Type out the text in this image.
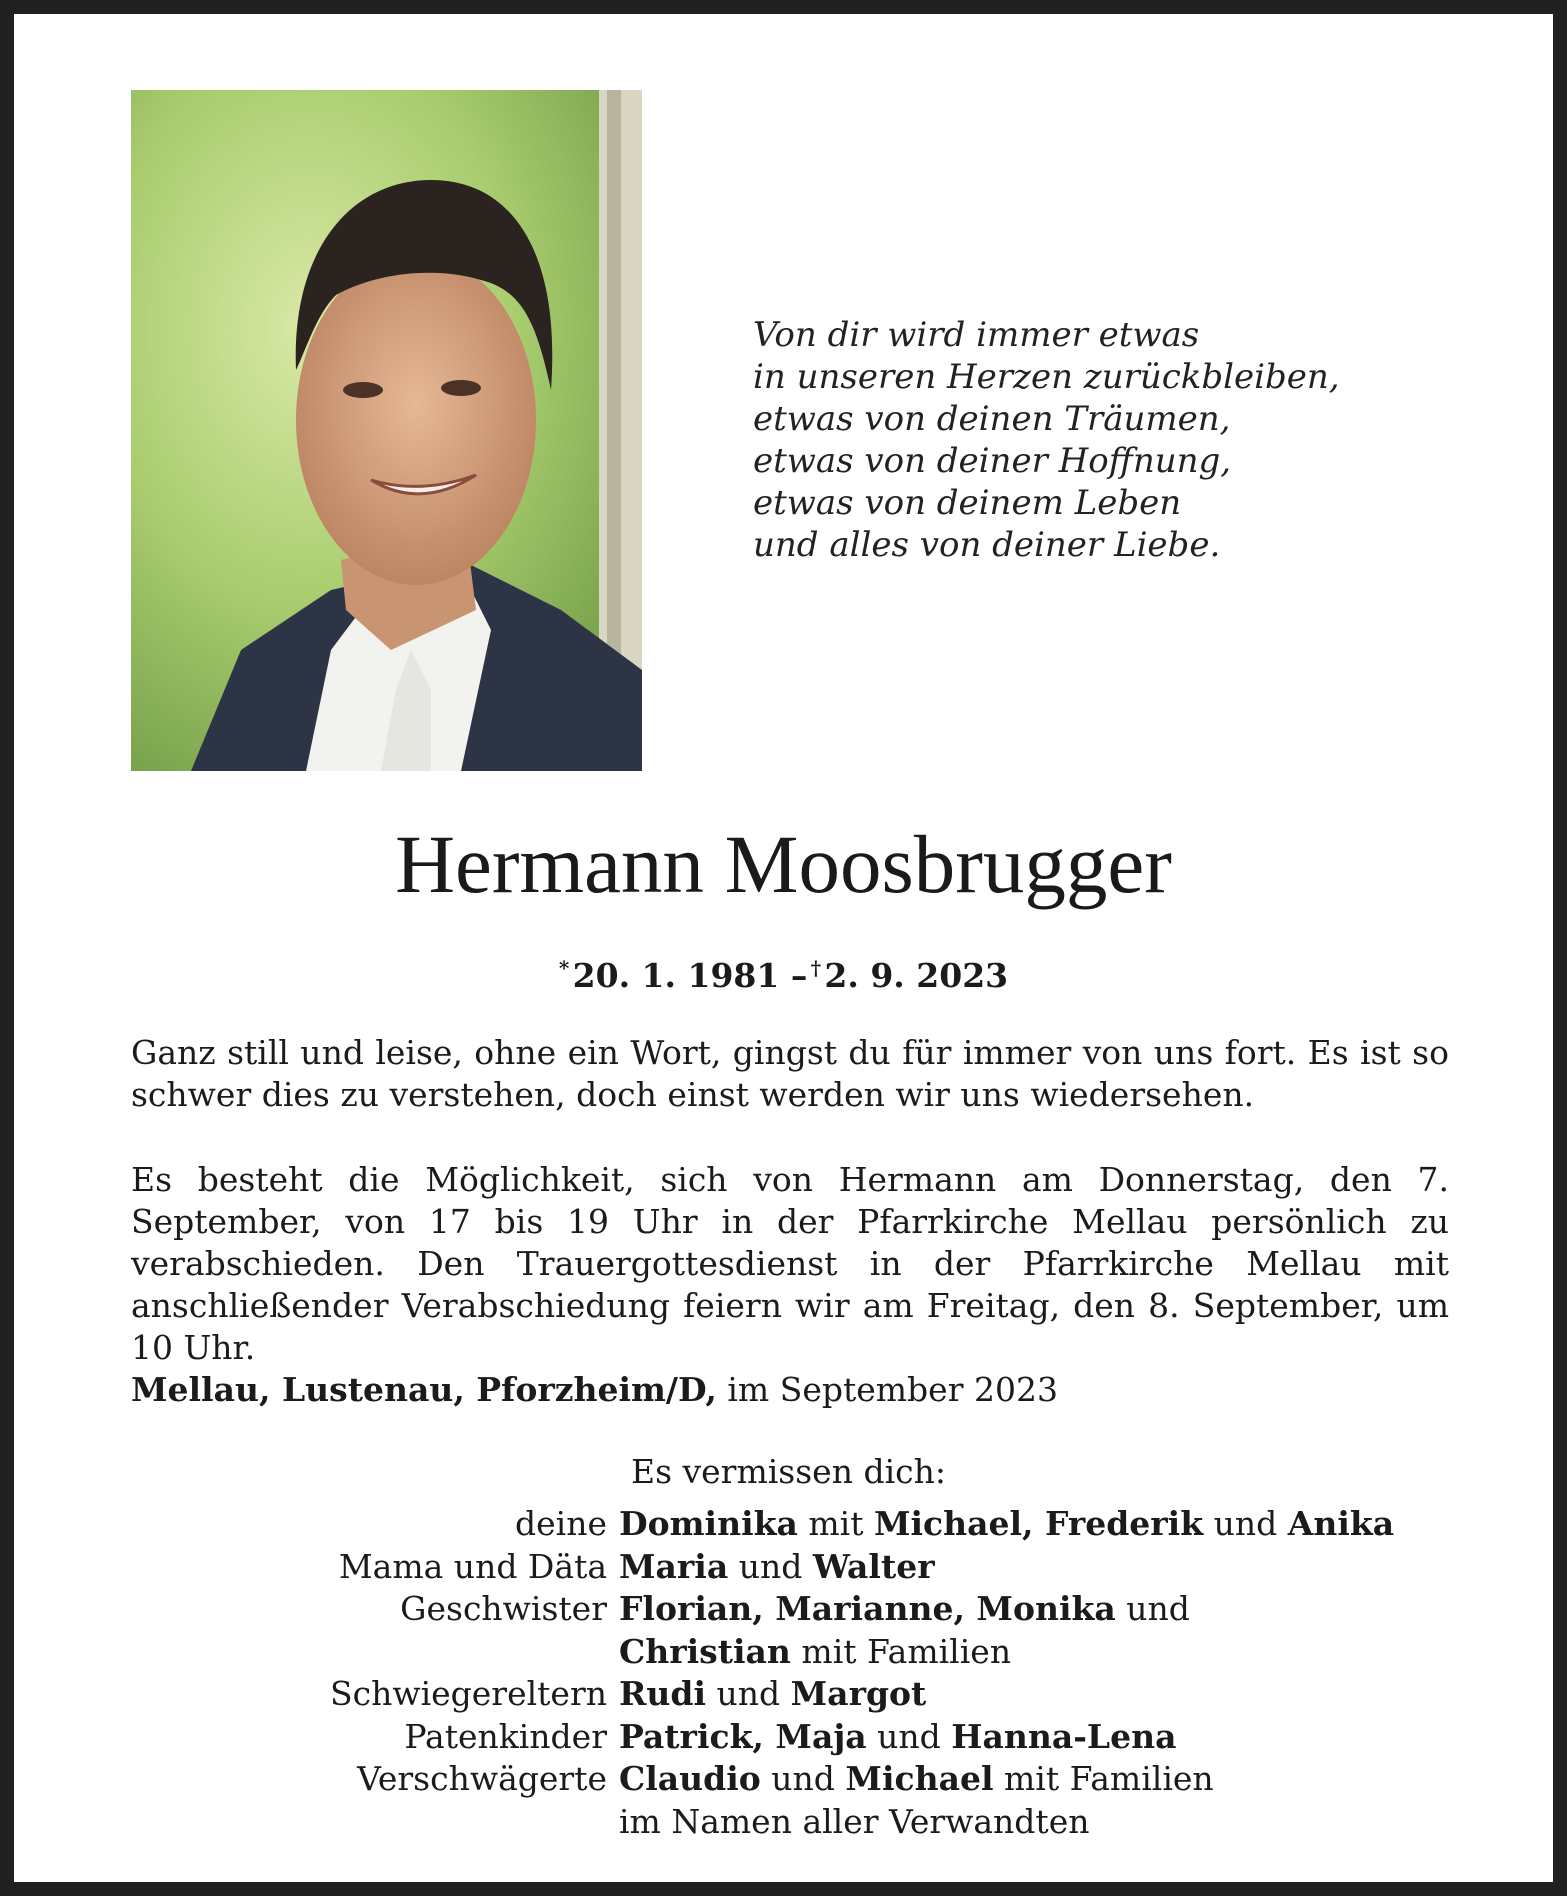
Von dir wird immer etwas
in unseren Herzen zurückbleiben,
etwas von deinen Träumen,
etwas von deiner Hoffnung,
etwas von deinem Leben
und alles von deiner Liebe.
Hermann Moosbrugger
* 20. 1. 1981 –  † 2. 9. 2023
Ganz still und leise, ohne ein Wort, gingst du für immer von uns fort. Es ist so schwer dies zu verstehen, doch einst werden wir uns wiedersehen.
Es besteht die Möglichkeit, sich von Hermann am Donnerstag, den 7. September, von 17 bis 19 Uhr in der Pfarrkirche Mellau persönlich zu verabschieden. Den Trauergottesdienst in der Pfarrkirche Mellau mit anschließender Verabschiedung feiern wir am Freitag, den 8. September, um 10 Uhr.
Mellau, Lustenau, Pforzheim/D, im September 2023
Es vermissen dich:
deine Dominika mit Michael, Frederik und Anika
Mama und Däta Maria und Walter
Geschwister Florian, Marianne, Monika und
Christian mit Familien
Schwiegereltern Rudi und Margot
Patenkinder Patrick, Maja und Hanna-Lena
Verschwägerte Claudio und Michael mit Familien
im Namen aller Verwandten
